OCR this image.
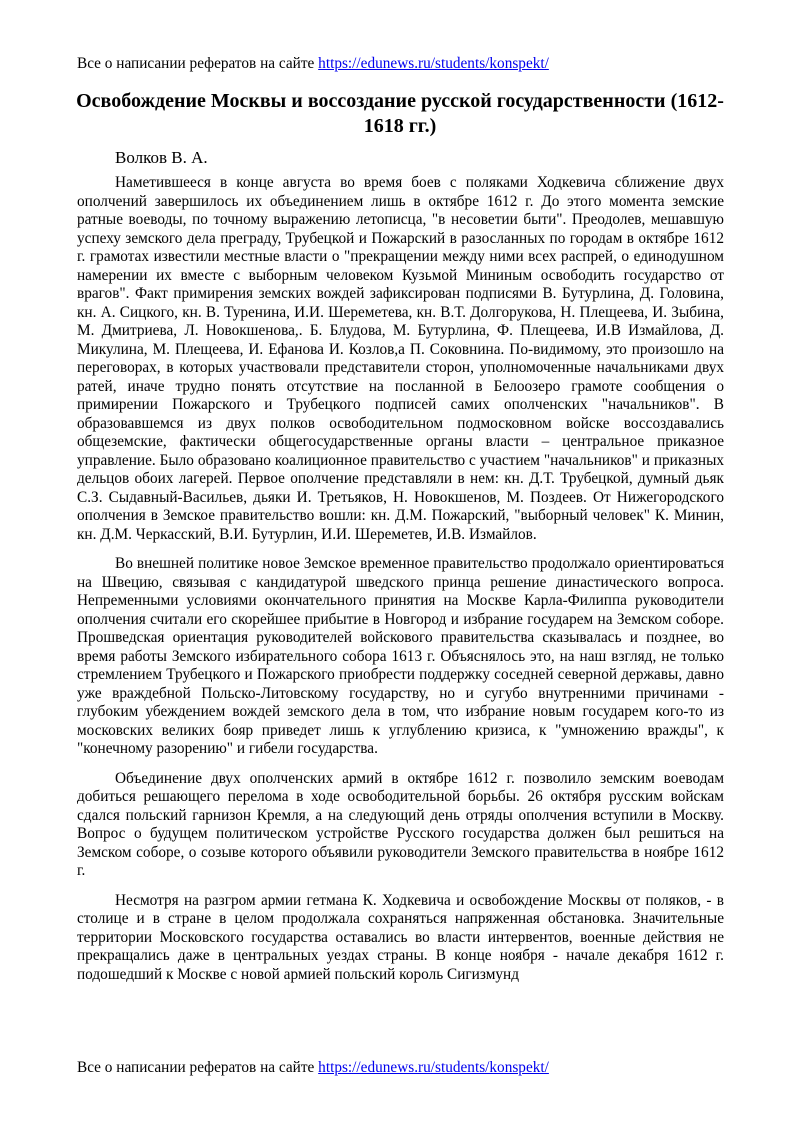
Все о написании рефератов на сайте https://edunews.ru/students/konspekt/
Освобождение Москвы и воссоздание русской государственности (1612-1618 гг.)
Волков В. А.

Наметившееся в конце августа во время боев с поляками Ходкевича сближение двух ополчений завершилось их объединением лишь в октябре 1612 г. До этого момента земские ратные воеводы, по точному выражению летописца, "в несоветии быти". Преодолев, мешавшую успеху земского дела преграду, Трубецкой и Пожарский в разосланных по городам в октябре 1612 г. грамотах известили местные власти о "прекращении между ними всех распрей, о единодушном намерении их вместе с выборным человеком Кузьмой Мининым освободить государство от врагов". Факт примирения земских вождей зафиксирован подписями В. Бутурлина, Д. Головина, кн. А. Сицкого, кн. В. Туренина, И.И. Шереметева, кн. В.Т. Долгорукова, Н. Плещеева, И. Зыбина, М. Дмитриева, Л. Новокшенова,. Б. Блудова, М. Бутурлина, Ф. Плещеева, И.В Измайлова, Д. Микулина, М. Плещеева, И. Ефанова И. Козлов,а П. Соковнина. По-видимому, это произошло на переговорах, в которых участвовали представители сторон, уполномоченные начальниками двух ратей, иначе трудно понять отсутствие на посланной в Белоозеро грамоте сообщения о примирении Пожарского и Трубецкого подписей самих ополченских "начальников". В образовавшемся из двух полков освободительном подмосковном войске воссоздавались общеземские, фактически общегосударственные органы власти – центральное приказное управление. Было образовано коалиционное правительство с участием "начальников" и приказных дельцов обоих лагерей. Первое ополчение представляли в нем: кн. Д.Т. Трубецкой, думный дьяк С.З. Сыдавный-Васильев, дьяки И. Третьяков, Н. Новокшенов, М. Поздеев. От Нижегородского ополчения в Земское правительство вошли: кн. Д.М. Пожарский, "выборный человек" К. Минин, кн. Д.М. Черкасский, В.И. Бутурлин, И.И. Шереметев, И.В. Измайлов.

Во внешней политике новое Земское временное правительство продолжало ориентироваться на Швецию, связывая с кандидатурой шведского принца решение династического вопроса. Непременными условиями окончательного принятия на Москве Карла-Филиппа руководители ополчения считали его скорейшее прибытие в Новгород и избрание государем на Земском соборе. Прошведская ориентация руководителей войскового правительства сказывалась и позднее, во время работы Земского избирательного собора 1613 г. Объяснялось это, на наш взгляд, не только стремлением Трубецкого и Пожарского приобрести поддержку соседней северной державы, давно уже враждебной Польско-Литовскому государству, но и сугубо внутренними причинами - глубоким убеждением вождей земского дела в том, что избрание новым государем кого-то из московских великих бояр приведет лишь к углублению кризиса, к "умножению вражды", к "конечному разорению" и гибели государства.

Объединение двух ополченских армий в октябре 1612 г. позволило земским воеводам добиться решающего перелома в ходе освободительной борьбы. 26 октября русским войскам сдался польский гарнизон Кремля, а на следующий день отряды ополчения вступили в Москву. Вопрос о будущем политическом устройстве Русского государства должен был решиться на Земском соборе, о созыве которого объявили руководители Земского правительства в ноябре 1612 г.

Несмотря на разгром армии гетмана К. Ходкевича и освобождение Москвы от поляков, - в столице и в стране в целом продолжала сохраняться напряженная обстановка. Значительные территории Московского государства оставались во власти интервентов, военные действия не прекращались даже в центральных уездах страны. В конце ноября - начале декабря 1612 г. подошедший к Москве с новой армией польский король Сигизмунд

Все о написании рефератов на сайте https://edunews.ru/students/konspekt/
